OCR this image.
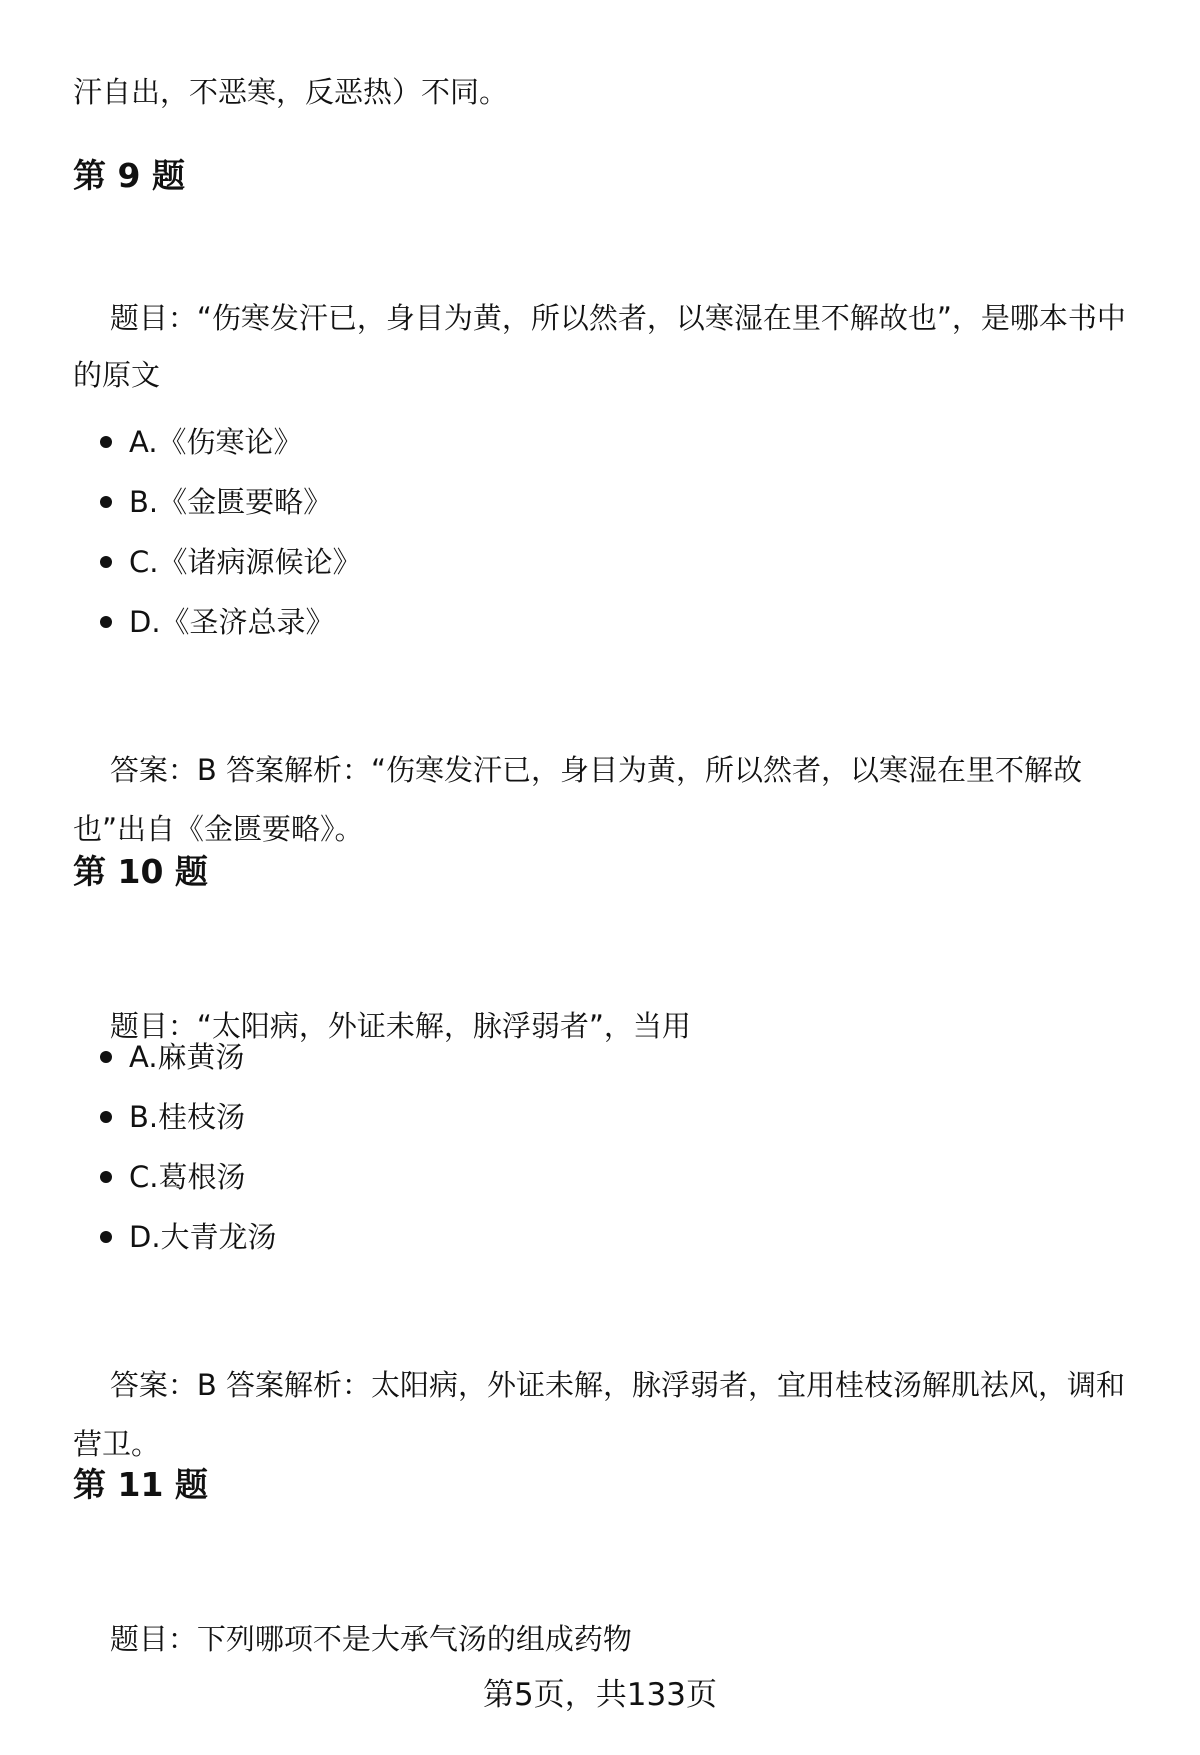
汗自出，不恶寒，反恶热）不同。

第 9 题

题目：“伤寒发汗已，身目为黄，所以然者，以寒湿在里不解故也”，是哪本书中的原文

A.《伤寒论》
B.《金匮要略》
C.《诸病源候论》
D.《圣济总录》

答案：B 答案解析：“伤寒发汗已，身目为黄，所以然者，以寒湿在里不解故也”出自《金匮要略》。

第 10 题

题目：“太阳病，外证未解，脉浮弱者”，当用

A.麻黄汤
B.桂枝汤
C.葛根汤
D.大青龙汤

答案：B 答案解析：太阳病，外证未解，脉浮弱者，宜用桂枝汤解肌祛风，调和营卫。

第 11 题

题目：下列哪项不是大承气汤的组成药物

第5页，共133页
